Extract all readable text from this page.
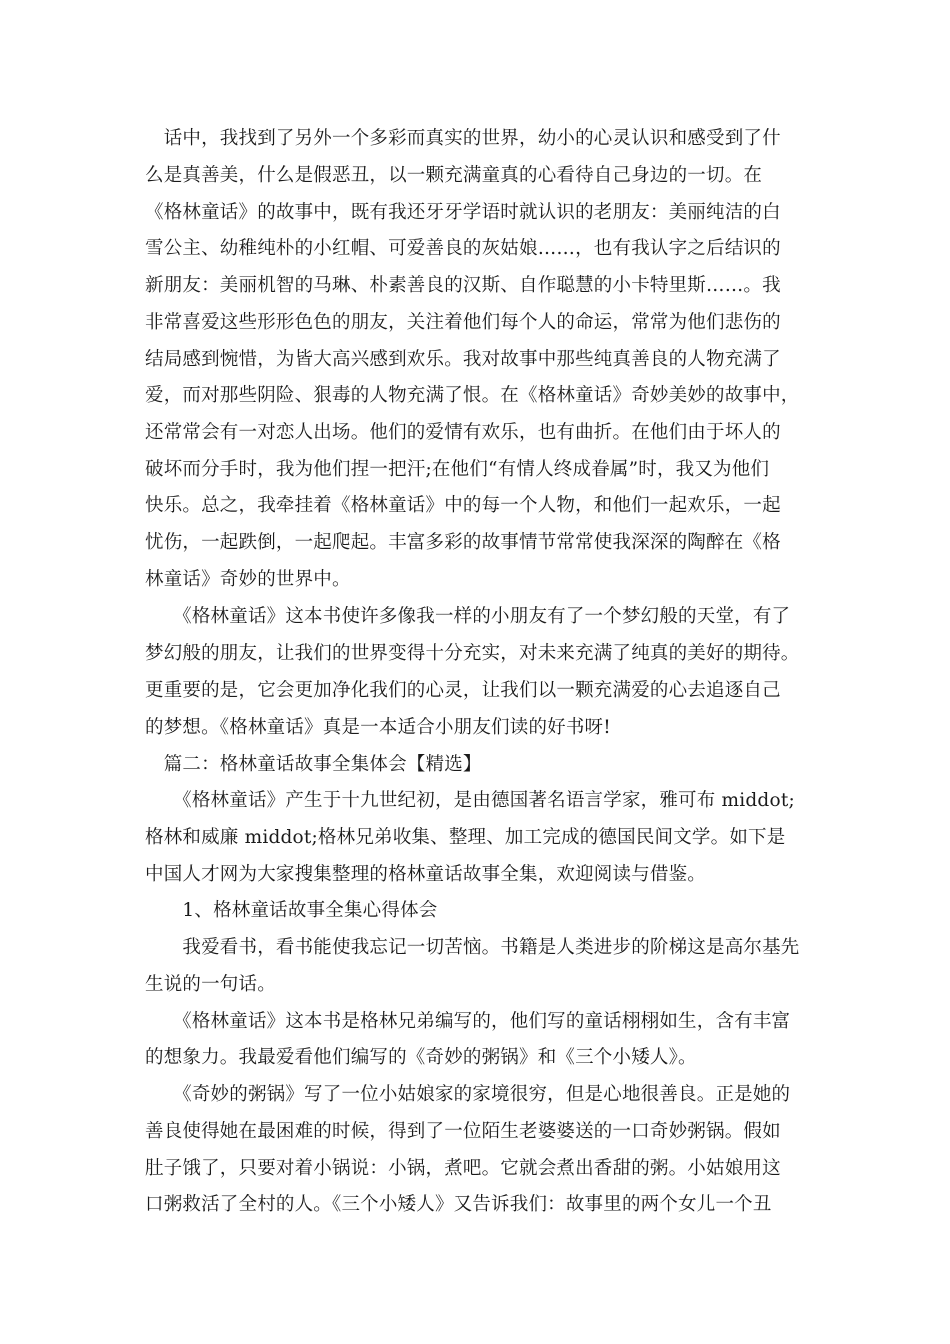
　话中，我找到了另外一个多彩而真实的世界，幼小的心灵认识和感受到了什
么是真善美，什么是假恶丑，以一颗充满童真的心看待自己身边的一切。在
《格林童话》的故事中，既有我还牙牙学语时就认识的老朋友：美丽纯洁的白
雪公主、幼稚纯朴的小红帽、可爱善良的灰姑娘……，也有我认字之后结识的
新朋友：美丽机智的马琳、朴素善良的汉斯、自作聪慧的小卡特里斯……。我
非常喜爱这些形形色色的朋友，关注着他们每个人的命运，常常为他们悲伤的
结局感到惋惜，为皆大高兴感到欢乐。我对故事中那些纯真善良的人物充满了
爱，而对那些阴险、狠毒的人物充满了恨。在《格林童话》奇妙美妙的故事中，
还常常会有一对恋人出场。他们的爱情有欢乐，也有曲折。在他们由于坏人的
破坏而分手时，我为他们捏一把汗;在他们“有情人终成眷属”时，我又为他们
快乐。总之，我牵挂着《格林童话》中的每一个人物，和他们一起欢乐，一起
忧伤，一起跌倒，一起爬起。丰富多彩的故事情节常常使我深深的陶醉在《格
林童话》奇妙的世界中。
　　《格林童话》这本书使许多像我一样的小朋友有了一个梦幻般的天堂，有了
梦幻般的朋友，让我们的世界变得十分充实，对未来充满了纯真的美好的期待。
更重要的是，它会更加净化我们的心灵，让我们以一颗充满爱的心去追逐自己
的梦想。《格林童话》真是一本适合小朋友们读的好书呀!
　篇二：格林童话故事全集体会【精选】
　　《格林童话》产生于十九世纪初，是由德国著名语言学家，雅可布 middot;
格林和威廉 middot;格林兄弟收集、整理、加工完成的德国民间文学。如下是
中国人才网为大家搜集整理的格林童话故事全集，欢迎阅读与借鉴。
　　1、格林童话故事全集心得体会
　　我爱看书，看书能使我忘记一切苦恼。书籍是人类进步的阶梯这是高尔基先
生说的一句话。
　　《格林童话》这本书是格林兄弟编写的，他们写的童话栩栩如生，含有丰富
的想象力。我最爱看他们编写的《奇妙的粥锅》和《三个小矮人》。
　　《奇妙的粥锅》写了一位小姑娘家的家境很穷，但是心地很善良。正是她的
善良使得她在最困难的时候，得到了一位陌生老婆婆送的一口奇妙粥锅。假如
肚子饿了，只要对着小锅说：小锅，煮吧。它就会煮出香甜的粥。小姑娘用这
口粥救活了全村的人。《三个小矮人》又告诉我们：故事里的两个女儿一个丑
